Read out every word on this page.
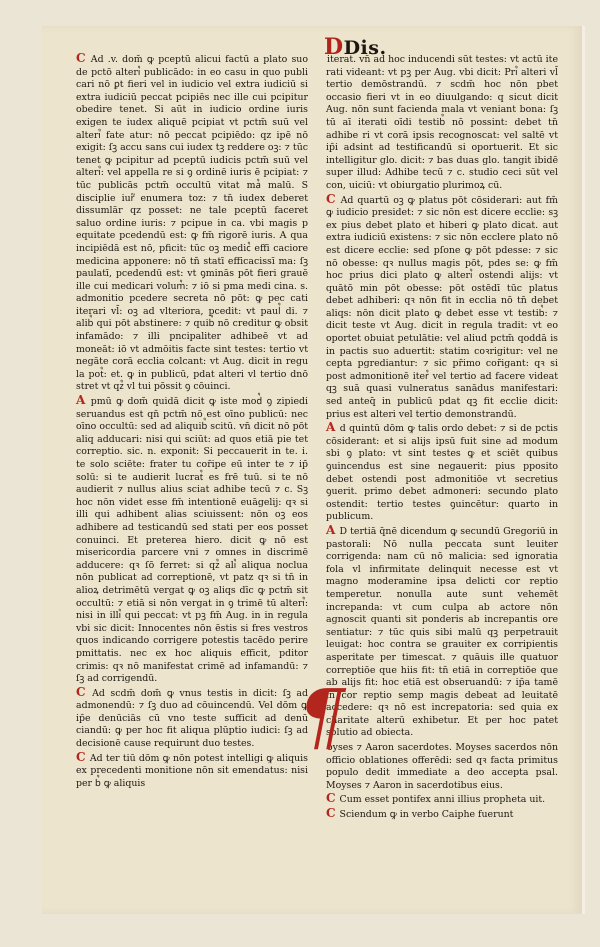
DDis.

C Ad .v. dom̄ ꝙ pceptū alicui factū a plato suo de pctō alteri᷒ publicādo: in eo casu in quo publi cari nō ꝑt fieri vel in iudicio vel extra iudiciū si extra iudiciū peccat pcipiēs nec ille cui pcipitur obedire tenet. Si aūt in iudicio ordine iuris exigen te iudex aliquē pcipiat vt pctm̄ suū vel alteri᷒ fate atur: nō peccat pcipiēdo: qz ipē nō exigit: ſꝫ accu sans cui iudex tꝫ reddere oꝫ: ⁊ tūc tenet ꝙ pcipitur ad pceptū iudicis pctm̄ suū vel alteri᷒: vel appella re si ꝯ ordinē iuris ē pcipiat: ⁊ tūc publicās pctm̄ occultū vitat ma᷒ malū. S disciplie iur᷑ enumera toz: ⁊ tn̄ iudex deberet dissumlār qz posset: ne tale pceptū faceret saluo ordine iuris: ⁊ pcipue in ca. vbi magis p equitate pcedendū est: ꝙ fm̄ rigorē iuris. A qua incipiēdā est nō, pficit: tūc oꝫ medic᷒ effi caciore medicina apponere: nō tn̄ statī efficacissī ma: ſꝫ paulatī, pcedendū est: vt ꝯminās pōt fieri grauē ille cui medicari volum᷒: ⁊ iō si pma medi cina. s. admonitio pcedere secreta nō pōt: ꝙ pec cati iterari vl̄: oꝫ ad vlteriora, pcedit: vt paul᷒ di. ⁊ alib᷒ qui pōt abstinere: ⁊ quib᷒ nō creditur ꝙ obsit infamādo: ⁊ illi pncipaliter adhibeē vt ad moneāt: iō vt admōitis facte sint testes: tertio vt negāte corā ecclia colcant: vt Aug. dicit in regu la pot᷒: et. ꝙ in publicū, pdat alteri vl tertio dnō stret vt qz᷒ vl tui pōssit ꝯ cōuinci.

A pmū ꝙ dom̄ quidā dicit ꝙ iste mod᷒ ꝯ zipiedi seruandus est qn̄ pctm̄ nō est oīno publicū: nec oīno occultū: sed ad aliquib᷒ scitū. vn̄ dicit nō pōt aliq adducari: nisi qui sciūt: ad quos etiā pie tet correptio. sic. n. exponit: Si peccauerit in te. i. te solo sciēte: frater tu cor̄ipe eū inter te ⁊ ip̄ solū: si te audierit lucrat᷒ es frē tuū. si te nō audierit ⁊ nullus alius sciat adhibe tecū ⁊ c. Sꝫ hoc nōn videt esse fm̄ intentionē euāgelij: qꝛ si illi qui adhibent alias sciuissent: nōn oꝫ eos adhibere ad testicandū sed stati per eos posset conuinci. Et preterea hiero. dicit ꝙ nō est misericordia parcere vni ⁊ omnes in discrimē adducere: qꝛ ſō ferret: si qz᷒ ali᷒ aliqua noclua nōn publicat ad correptionē, vt patz qꝛ si tn̄ in alioꝝ detrimētū vergat ꝙ oꝫ aliqs dīc ꝙ pctm̄ sit occultū: ⁊ etiā si nōn vergat in ꝯ trimē tū alteri᷒: nisi in illi᷒ qui peccat: vt pꝫ fm̄ Aug. in in regula vbi sic dicit: Innocentes nōn ēstis si fres vestros quos indicando corrigere potestis tacēdo perire pmittatis. nec ex hoc aliquis efficit, pditor crimis: qꝛ nō manifestat crimē ad infamandū: ⁊ ſꝫ ad corrigendū.

C Ad scdm̄ dom̄ ꝙ vnus testis in dicit: ſꝫ ad admonendū: ⁊ ſꝫ duo ad cōuincendū. Vel dōm ꝙ ip̄e denūciās cū vno teste sufficit ad denū ciandū: ꝙ per hoc fit aliqua plūptio iudici: ſꝫ ad decisionē cause requirunt duo testes.

C Ad ter tiū dōm ꝙ nōn potest intelligi ꝙ aliquis ex precedenti monitione nōn sit emendatus: nisi per b᷒ ꝙ aliquis

iterat. vn̄ ad hoc inducendi sūt testes: vt actū ite rati videant: vt pꝫ per Aug. vbi dicit: Pri᷒ alteri vl̄ tertio demōstrandū. ⁊ scdm̄ hoc nōn pbet occasio fieri vt in eo diuulgando: q sicut dicit Aug. nōn sunt facienda mala vt veniant bona: ſꝫ tū aī iterati oīdi testib᷒ nō possint: debet tn̄ adhibe ri vt corā ipsis recognoscat: vel saltē vt ip̄i adsint ad testificandū si oportuerit. Et sic intelligitur glo. dicit: ⁊ bas duas glo. tangit ibidē super illud: Adhibe tecū ⁊ c. studio ceci sūt vel con, uiciū: vt obiurgatio plurimoꝝ cū.

C Ad quartū oꝫ ꝙ platus pōt cōsiderari: aut fm̄ ꝙ iudicio presidet: ⁊ sic nōn est dicere ecclie: sꝫ ex pius debet plato et hiberi ꝙ plato dicat. aut extra iudiciū existens: ⁊ sic nōn ecclere plato nō est dicere ecclie: sed pſone ꝙ pōt pdesse: ⁊ sic nō obesse: qꝛ nullus magis pōt, pdes se: ꝙ fm̄ hoc prius dici plato ꝙ alteri᷒ ostendi alijs: vt quātō min pōt obesse: pōt ostēdī tūc platus debet adhiberi: qꝛ nōn fit in ecclia nō tn̄ debet aliqs: nōn dicit plato ꝙ debet esse vt testib᷒: ⁊ dicit teste vt Aug. dicit in regula tradit: vt eo oportet obuiat petulātie: vel aliud pctm̄ qoddā is in pactis suo aduertit: statim coꝛrigitur: vel ne cepta pgrediantur: ⁊ sic pr̄imo cor̄igant: qꝛ si post admonitionē iter᷒ vel tertio ad facere videat qꝫ suā quasi vulneratus sanādus manifestari: sed anteq̄ in publicū pdat qꝫ fit ecclie dicit: prius est alteri vel tertio demonstrandū.

A d quintū dōm ꝙ talis ordo debet: ⁊ si de pctis cōsiderant: et si alijs ipsū fuit sine ad modum sbi ꝯ plato: vt sint testes ꝙ et sciēt quibus ꝯuincendus est sine negauerit: pius pposito debet ostendi post admonitiōe vt secretius ꝯuerit. primo debet admoneri: secundo plato ostendit: tertio testes ꝯuincētur: quarto in publicum.

A D tertiā q̄nē dicendum ꝙ secundū Gregoriū in pastorali: Nō nulla peccata sunt leuiter corrigenda: nam cū nō malicia: sed ignoratia fola vl infirmitate delinquit necesse est vt magno moderamine ipsa delicti cor reptio temperetur. nonulla aute sunt vehemēt increpanda: vt cum culpa ab actore nōn agnoscit quanti sit ponderis ab increpantis ore sentiatur: ⁊ tūc quis sibi malū qꝫ perpetrauit leuigat: hoc contra se grauiter ex corripientis asperitate per timescat. ⁊ quāuis ille quatuor correptiōe que hiis fit: tn̄ etiā in correptiōe que ab alijs fit: hoc etiā est obseruandū: ⁊ ip̄a tamē in cor reptio semp magis debeat ad leuitatē accedere: qꝛ nō est increpatoria: sed quia ex charitate alterū exhibetur. Et per hoc patet solutio ad obiecta.

oyses ⁊ Aaron sacerdotes. Moyses sacerdos nōn officio oblationes offerēdi: sed qꝛ facta primitus populo dedit immediate a deo accepta psal. Moyses ⁊ Aaron in sacerdotibus eius.

C Cum esset pontifex anni illius propheta uit.

C Sciendum ꝙ in verbo Caiphe fuerunt

¶
